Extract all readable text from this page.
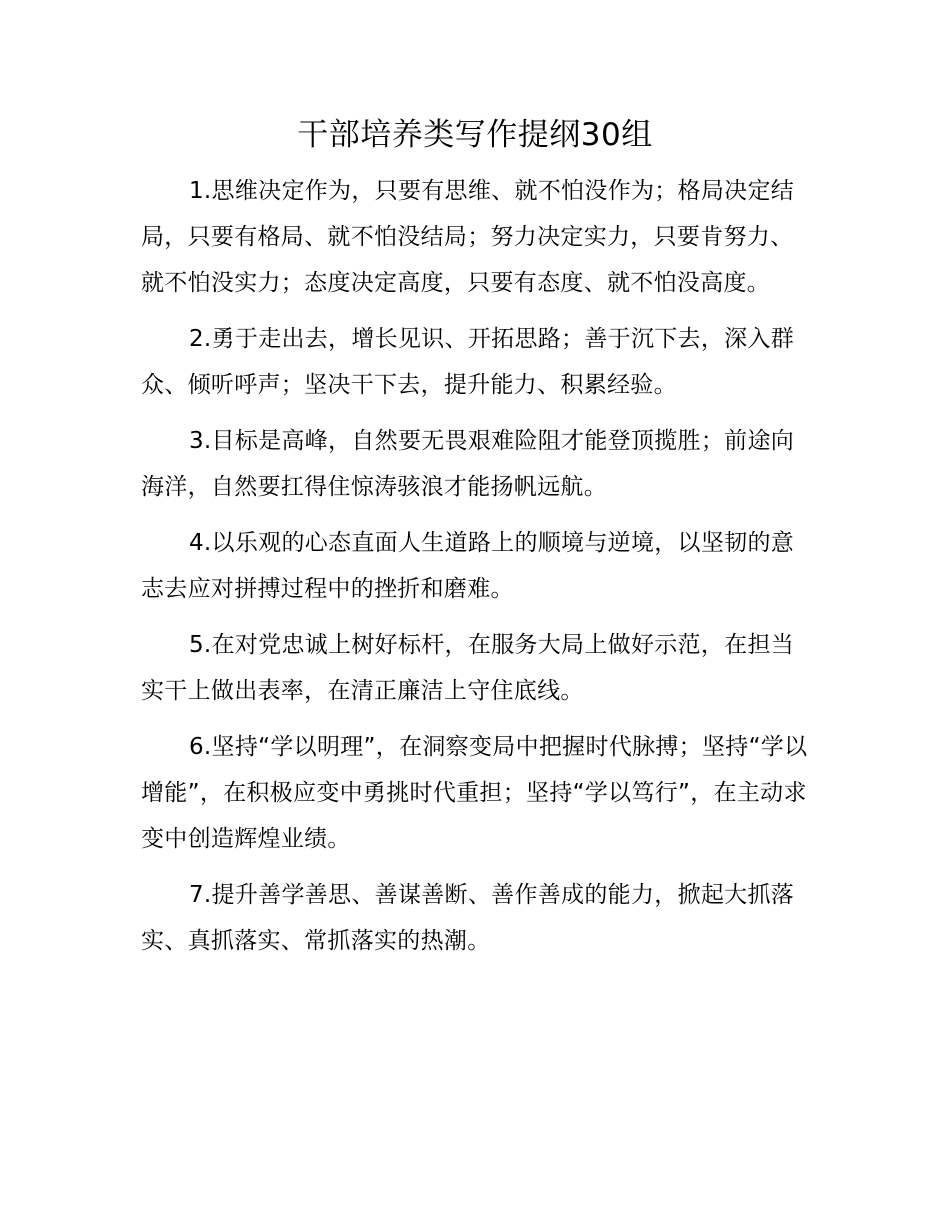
干部培养类写作提纲30组

1.思维决定作为，只要有思维、就不怕没作为；格局决定结局，只要有格局、就不怕没结局；努力决定实力，只要肯努力、就不怕没实力；态度决定高度，只要有态度、就不怕没高度。

2.勇于走出去，增长见识、开拓思路；善于沉下去，深入群众、倾听呼声；坚决干下去，提升能力、积累经验。

3.目标是高峰，自然要无畏艰难险阻才能登顶揽胜；前途向海洋，自然要扛得住惊涛骇浪才能扬帆远航。

4.以乐观的心态直面人生道路上的顺境与逆境，以坚韧的意志去应对拼搏过程中的挫折和磨难。

5.在对党忠诚上树好标杆，在服务大局上做好示范，在担当实干上做出表率，在清正廉洁上守住底线。

6.坚持“学以明理”，在洞察变局中把握时代脉搏；坚持“学以增能”，在积极应变中勇挑时代重担；坚持“学以笃行”，在主动求变中创造辉煌业绩。

7.提升善学善思、善谋善断、善作善成的能力，掀起大抓落实、真抓落实、常抓落实的热潮。
